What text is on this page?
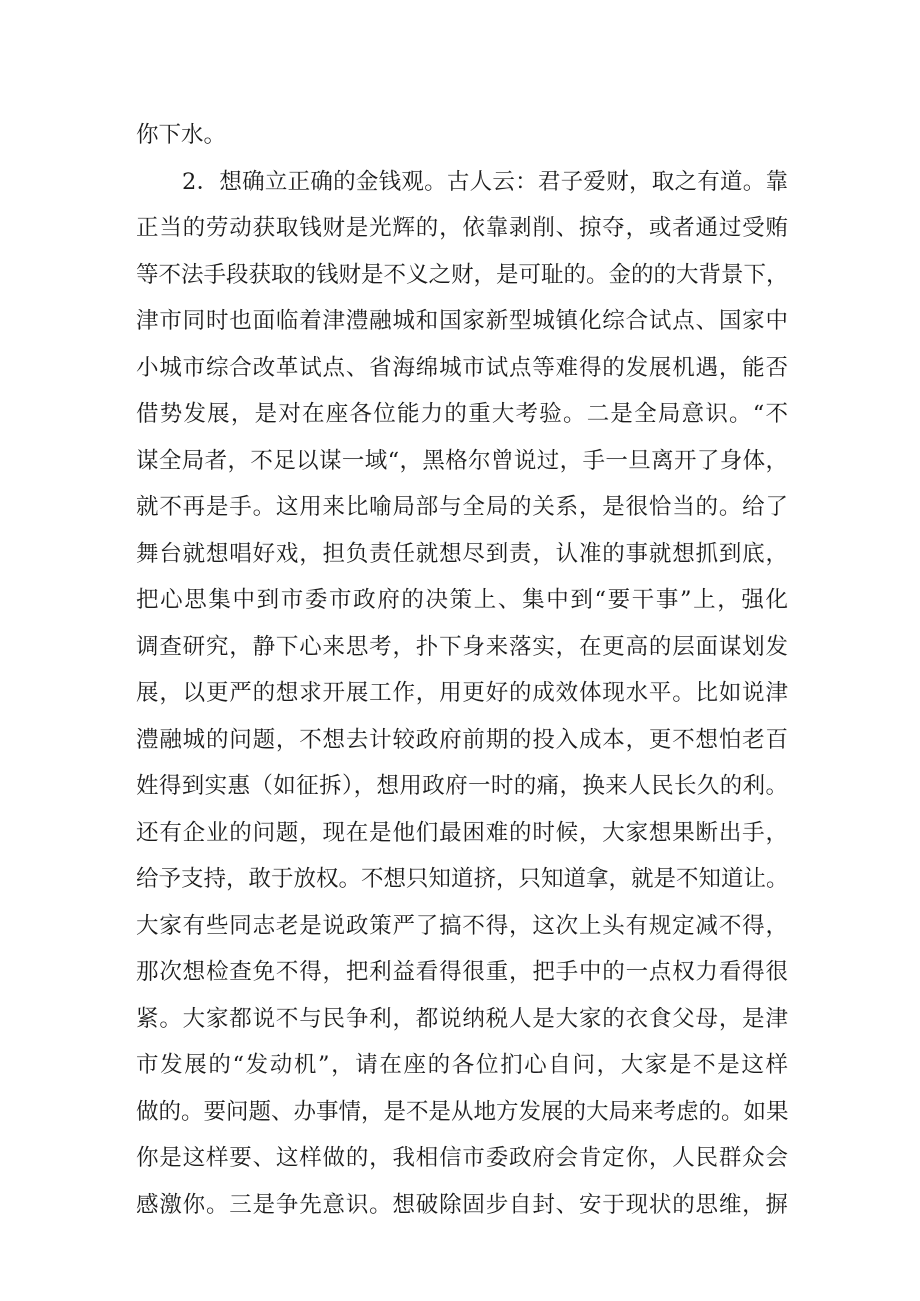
你下水。
2．想确立正确的金钱观。古人云：君子爱财，取之有道。靠
正当的劳动获取钱财是光辉的，依靠剥削、掠夺，或者通过受贿
等不法手段获取的钱财是不义之财，是可耻的。金的的大背景下，
津市同时也面临着津澧融城和国家新型城镇化综合试点、国家中
小城市综合改革试点、省海绵城市试点等难得的发展机遇，能否
借势发展，是对在座各位能力的重大考验。二是全局意识。“不
谋全局者，不足以谋一域“，黑格尔曾说过，手一旦离开了身体，
就不再是手。这用来比喻局部与全局的关系，是很恰当的。给了
舞台就想唱好戏，担负责任就想尽到责，认准的事就想抓到底，
把心思集中到市委市政府的决策上、集中到“要干事”上，强化
调查研究，静下心来思考，扑下身来落实，在更高的层面谋划发
展，以更严的想求开展工作，用更好的成效体现水平。比如说津
澧融城的问题，不想去计较政府前期的投入成本，更不想怕老百
姓得到实惠（如征拆），想用政府一时的痛，换来人民长久的利。
还有企业的问题，现在是他们最困难的时候，大家想果断出手，
给予支持，敢于放权。不想只知道挤，只知道拿，就是不知道让。
大家有些同志老是说政策严了搞不得，这次上头有规定减不得，
那次想检查免不得，把利益看得很重，把手中的一点权力看得很
紧。大家都说不与民争利，都说纳税人是大家的衣食父母，是津
市发展的“发动机”，请在座的各位扪心自问，大家是不是这样
做的。要问题、办事情，是不是从地方发展的大局来考虑的。如果
你是这样要、这样做的，我相信市委政府会肯定你，人民群众会
感激你。三是争先意识。想破除固步自封、安于现状的思维，摒
